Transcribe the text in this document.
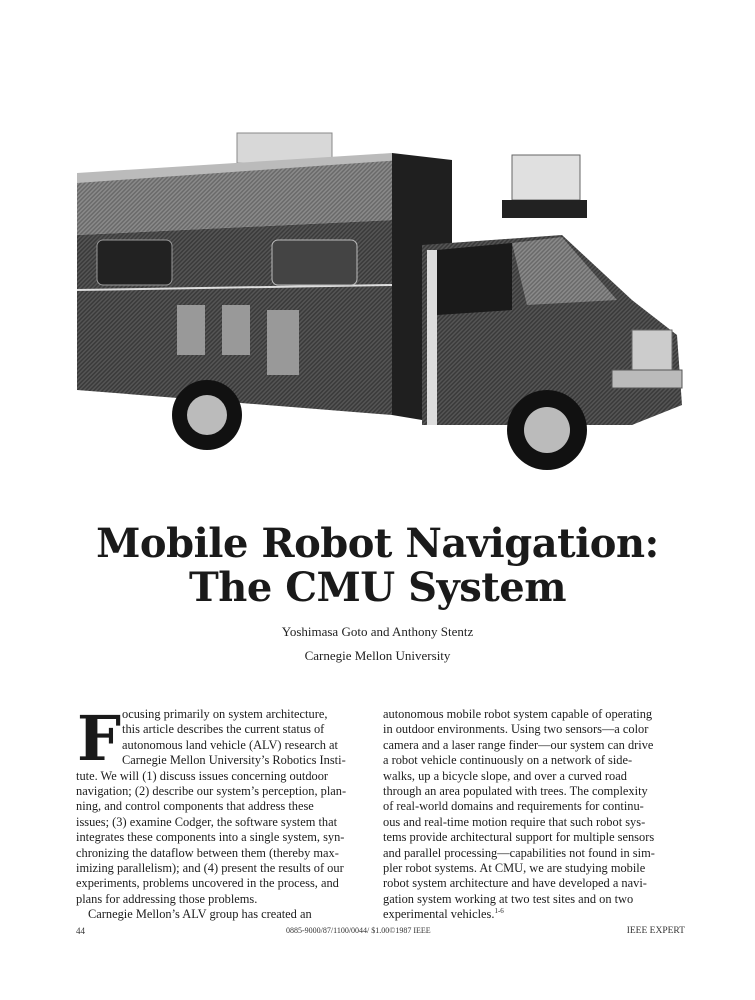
Mobile Robot Navigation:
The CMU System
Yoshimasa Goto and Anthony Stentz
Carnegie Mellon University
F ocusing primarily on system architecture,
this article describes the current status of
autonomous land vehicle (ALV) research at
Carnegie Mellon University’s Robotics Insti-
tute. We will (1) discuss issues concerning outdoor
navigation; (2) describe our system’s perception, plan-
ning, and control components that address these
issues; (3) examine Codger, the software system that
integrates these components into a single system, syn-
chronizing the dataflow between them (thereby max-
imizing parallelism); and (4) present the results of our
experiments, problems uncovered in the process, and
plans for addressing those problems.
Carnegie Mellon’s ALV group has created an
autonomous mobile robot system capable of operating
in outdoor environments. Using two sensors—a color
camera and a laser range finder—our system can drive
a robot vehicle continuously on a network of side-
walks, up a bicycle slope, and over a curved road
through an area populated with trees. The complexity
of real-world domains and requirements for continu-
ous and real-time motion require that such robot sys-
tems provide architectural support for multiple sensors
and parallel processing—capabilities not found in sim-
pler robot systems. At CMU, we are studying mobile
robot system architecture and have developed a navi-
gation system working at two test sites and on two
experimental vehicles.$^{1-6}$
44	0885-9000/87/1100/0044/ $1.00©1987 IEEE	IEEE EXPERT
